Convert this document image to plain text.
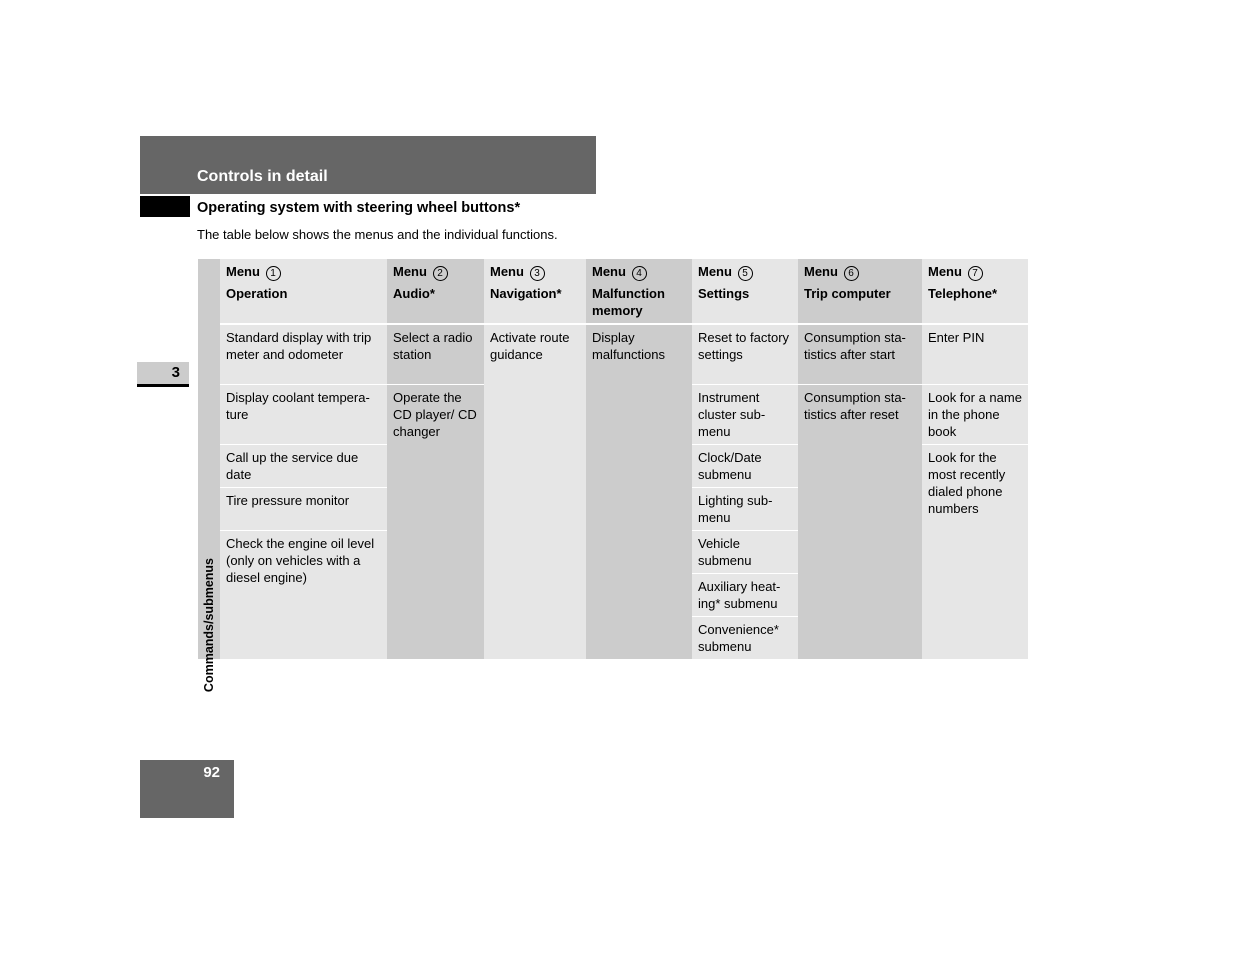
Controls in detail
Operating system with steering wheel buttons*
The table below shows the menus and the individual functions.
3
	Menu 1	Menu 2	Menu 3	Menu 4	Menu 5	Menu 6	Menu 7
	Operation	Audio*	Navigation*	Malfunction memory	Settings	Trip computer	Telephone*

Commands/submenus	Standard display with trip meter and odometer	Select a radio station	Activate route guidance	Display malfunctions	Reset to factory settings	Consumption sta-tistics after start	Enter PIN
	Display coolant tempera-ture	Operate the CD player/ CD changer			Instrument cluster sub-menu	Consumption sta-tistics after reset	Look for a name in the phone book
	Call up the service due date				Clock/Date submenu		Look for the most recently dialed phone numbers
	Tire pressure monitor				Lighting sub-menu		
	Check the engine oil level (only on vehicles with a diesel engine)				Vehicle submenu		
					Auxiliary heat-ing* submenu		
					Convenience* submenu		
92
